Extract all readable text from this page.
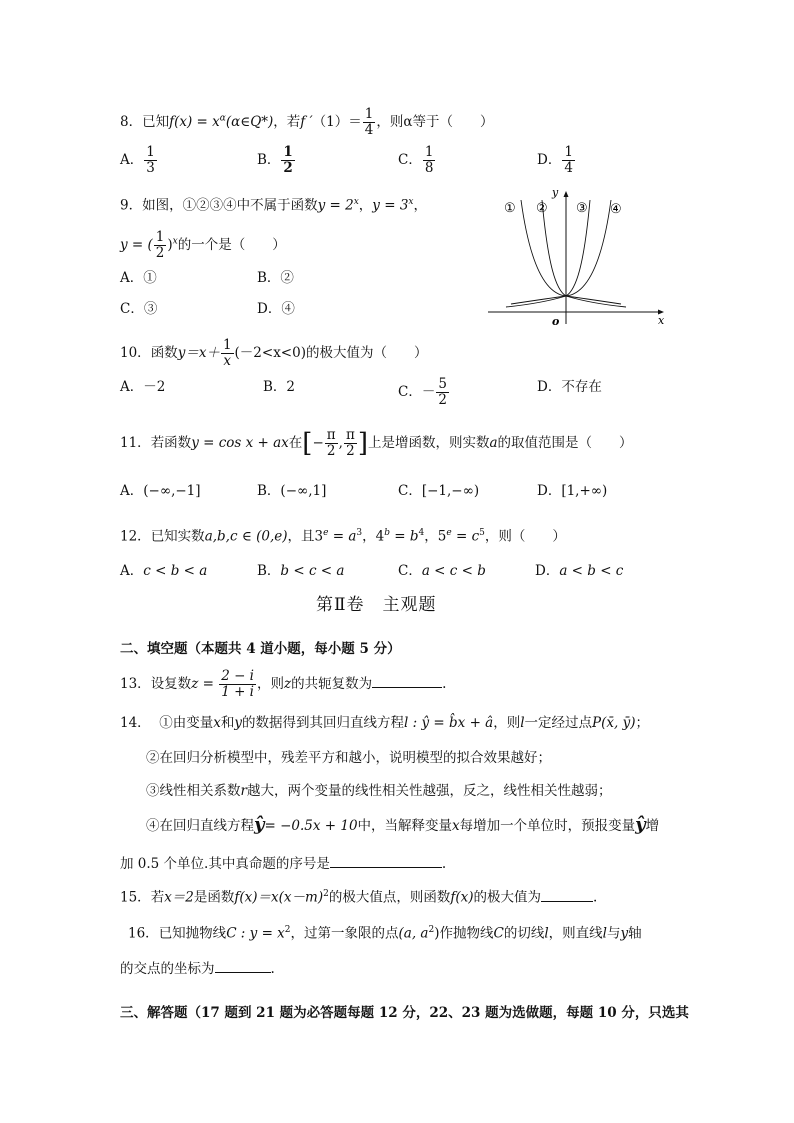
8．已知$f(x) = x^\alpha(\alpha\in Q*)$，若f $'(1)= \frac{1}{4}$ ，则α等于（　　）
A． $\frac{1}{3}$	B． $\frac{1}{2}$	C． $\frac{1}{8}$	D． $\frac{1}{4}$
9．如图，①②③④中不属于函数$y = 2^x$，$y = 3^x$，
y = ( $\frac{1}{2} )^x$的一个是（　　）
A．①	B．②
C．③	D．④
① ② ③ ④
y
x
o
10．函数$y=x+ \frac{1}{x} (-2<x<0)$的极大值为（　　）
A．－2	B．2	C．－ $\frac{5}{2}$	D．不存在
11．若函数y = cos x + ax在[− $\frac{\pi}{2}$ , $\frac{\pi}{2}$ ]上是增函数，则实数a的取值范围是（　　）
A．(−∞,−1]	B．(−∞,1]	C．[−1,−∞)	D．[1,+∞)
12．已知实数a,b,c ∈ (0,e)，且$3^e = a^3$，$4^b = b^4$，$5^e = c^5$，则（　　）
A．c < b < a	B．b < c < a	C．a < c < b	D．a < b < c
第Ⅱ卷　主观题
二、填空题（本题共 4 道小题，每小题 5 分）
13．设复数$z = \frac{2 - i}{1 + i}$ ，则z的共轭复数为	.
14． ①由变量x和y的数据得到其回归直线方程l : ŷ = b̂x + â，则l一定经过点P(x̄, ȳ)；
②在回归分析模型中，残差平方和越小，说明模型的拟合效果越好；
③线性相关系数r越大，两个变量的线性相关性越强，反之，线性相关性越弱；
④在回归直线方程ŷ= −0.5x + 10中，当解释变量x每增加一个单位时，预报变量ŷ增
加 0.5 个单位.其中真命题的序号是	.
15．若x＝2是函数$f(x)=x(x-m)^2$的极大值点，则函数f(x)的极大值为	.
16．已知抛物线C : $y = x^2$，过第一象限的点(a, $a^2$)作抛物线C的切线l，则直线l与y轴
的交点的坐标为	.
三、解答题（17 题到 21 题为必答题每题 12 分，22、23 题为选做题，每题 10 分，只选其
